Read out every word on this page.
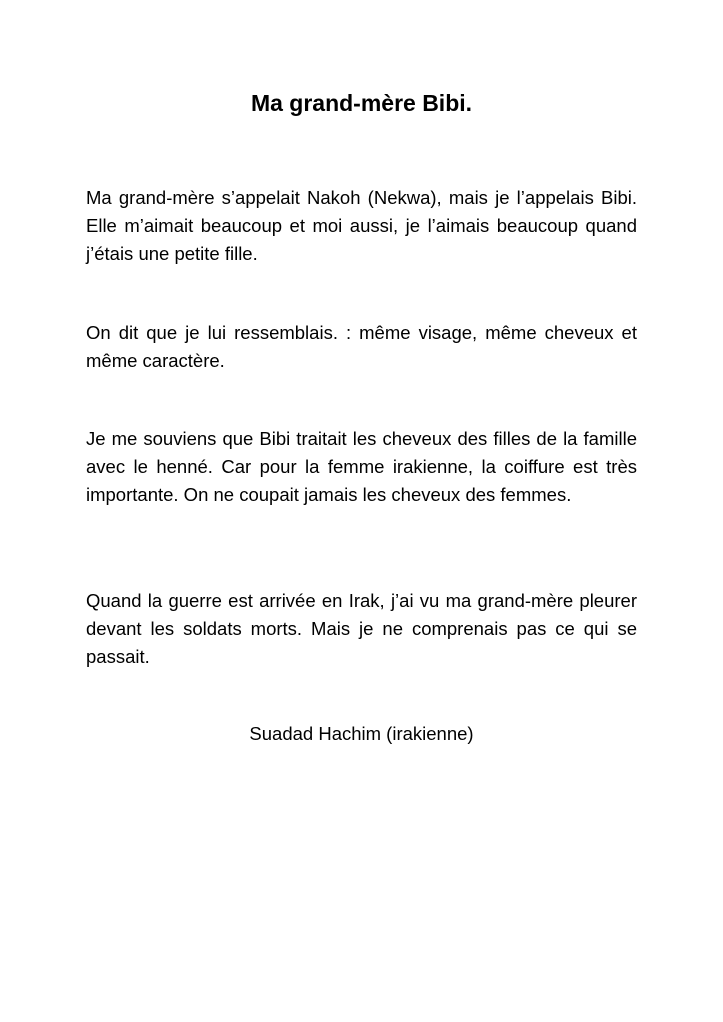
Ma grand-mère Bibi.

Ma grand-mère s’appelait Nakoh (Nekwa), mais je l’appelais Bibi. Elle m’aimait beaucoup et moi aussi, je l’aimais beaucoup quand j’étais une petite fille.

On dit que je lui ressemblais. : même visage, même cheveux et même caractère.

Je me souviens que Bibi traitait les cheveux des filles de la famille avec le henné. Car pour la femme irakienne, la coiffure est très importante. On ne coupait jamais les cheveux des femmes.

Quand la guerre est arrivée en Irak, j’ai vu ma grand-mère pleurer devant les soldats morts. Mais je ne comprenais pas ce qui se passait.

Suadad Hachim (irakienne)
